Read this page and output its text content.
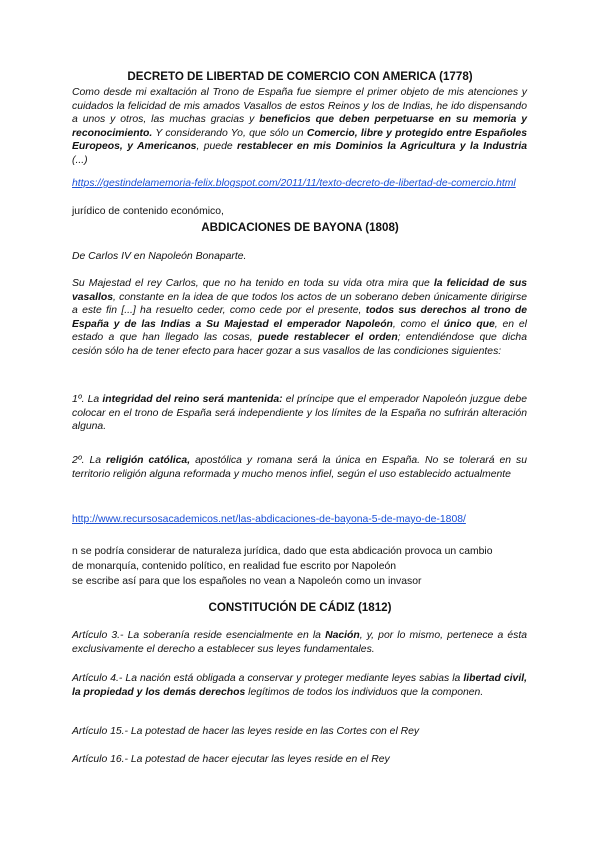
DECRETO DE LIBERTAD DE COMERCIO CON AMERICA (1778)

Como desde mi exaltación al Trono de España fue siempre el primer objeto de mis atenciones y cuidados la felicidad de mis amados Vasallos de estos Reinos y los de Indias, he ido dispensando a unos y otros, las muchas gracias y beneficios que deben perpetuarse en su memoria y reconocimiento. Y considerando Yo, que sólo un Comercio, libre y protegido entre Españoles Europeos, y Americanos, puede restablecer en mis Dominios la Agricultura y la Industria (...)

https://gestindelamemoria-felix.blogspot.com/2011/11/texto-decreto-de-libertad-de-comercio.html

jurídico de contenido económico,

ABDICACIONES DE BAYONA (1808)

De Carlos IV en Napoleón Bonaparte.

Su Majestad el rey Carlos, que no ha tenido en toda su vida otra mira que la felicidad de sus vasallos, constante en la idea de que todos los actos de un soberano deben únicamente dirigirse a este fin [...] ha resuelto ceder, como cede por el presente, todos sus derechos al trono de España y de las Indias a Su Majestad el emperador Napoleón, como el único que, en el estado a que han llegado las cosas, puede restablecer el orden; entendiéndose que dicha cesión sólo ha de tener efecto para hacer gozar a sus vasallos de las condiciones siguientes:

1º. La integridad del reino será mantenida: el príncipe que el emperador Napoleón juzgue debe colocar en el trono de España será independiente y los límites de la España no sufrirán alteración alguna.

2º. La religión católica, apostólica y romana será la única en España. No se tolerará en su territorio religión alguna reformada y mucho menos infiel, según el uso establecido actualmente

http://www.recursosacademicos.net/las-abdicaciones-de-bayona-5-de-mayo-de-1808/

n se podría considerar de naturaleza jurídica, dado que esta abdicación provoca un cambio

de monarquía, contenido político, en realidad fue escrito por Napoleón

se escribe así para que los españoles no vean a Napoleón como un invasor

CONSTITUCIÓN DE CÁDIZ (1812)

Artículo 3.- La soberanía reside esencialmente en la Nación, y, por lo mismo, pertenece a ésta exclusivamente el derecho a establecer sus leyes fundamentales.

Artículo 4.- La nación está obligada a conservar y proteger mediante leyes sabias la libertad civil, la propiedad y los demás derechos legítimos de todos los individuos que la componen.

Artículo 15.- La potestad de hacer las leyes reside en las Cortes con el Rey

Artículo 16.- La potestad de hacer ejecutar las leyes reside en el Rey
